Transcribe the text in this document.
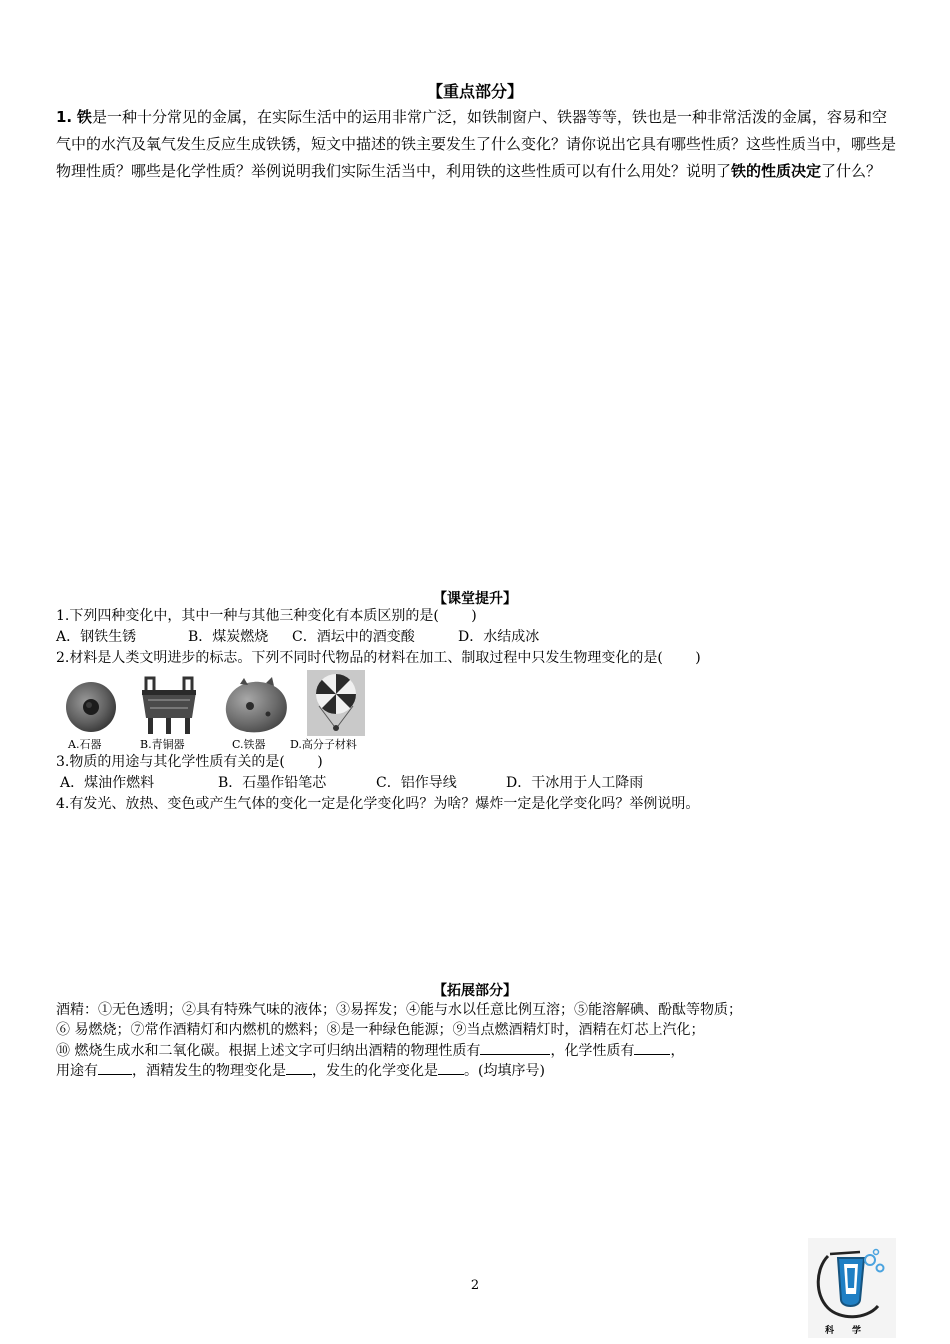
【重点部分】
1. 铁是一种十分常见的金属，在实际生活中的运用非常广泛，如铁制窗户、铁器等等，铁也是一种非常活泼的金属，容易和空气中的水汽及氧气发生反应生成铁锈，短文中描述的铁主要发生了什么变化？请你说出它具有哪些性质？这些性质当中，哪些是物理性质？哪些是化学性质？举例说明我们实际生活当中，利用铁的这些性质可以有什么用处？说明了铁的性质决定了什么？
【课堂提升】
1.下列四种变化中，其中一种与其他三种变化有本质区别的是(　　 )
A．钢铁生锈	B．煤炭燃烧 C．酒坛中的酒变酸	D．水结成冰
2.材料是人类文明进步的标志。下列不同时代物品的材料在加工、制取过程中只发生物理变化的是(　　 )
A.石器	B.青铜器	C.铁器 D.高分子材料
3.物质的用途与其化学性质有关的是(　　 )
A．煤油作燃料	B．石墨作铅笔芯	C．铝作导线	D．干冰用于人工降雨
4.有发光、放热、变色或产生气体的变化一定是化学变化吗？为啥？爆炸一定是化学变化吗？举例说明。
【拓展部分】
酒精：①无色透明；②具有特殊气味的液体；③易挥发；④能与水以任意比例互溶；⑤能溶解碘、酚酞等物质；
⑥ 易燃烧；⑦常作酒精灯和内燃机的燃料；⑧是一种绿色能源；⑨当点燃酒精灯时，酒精在灯芯上汽化；
⑩ 燃烧生成水和二氧化碳。根据上述文字可归纳出酒精的物理性质有	，化学性质有	，
用途有 ，酒精发生的物理变化是 ，发生的化学变化是 。(均填序号)
2
科学
